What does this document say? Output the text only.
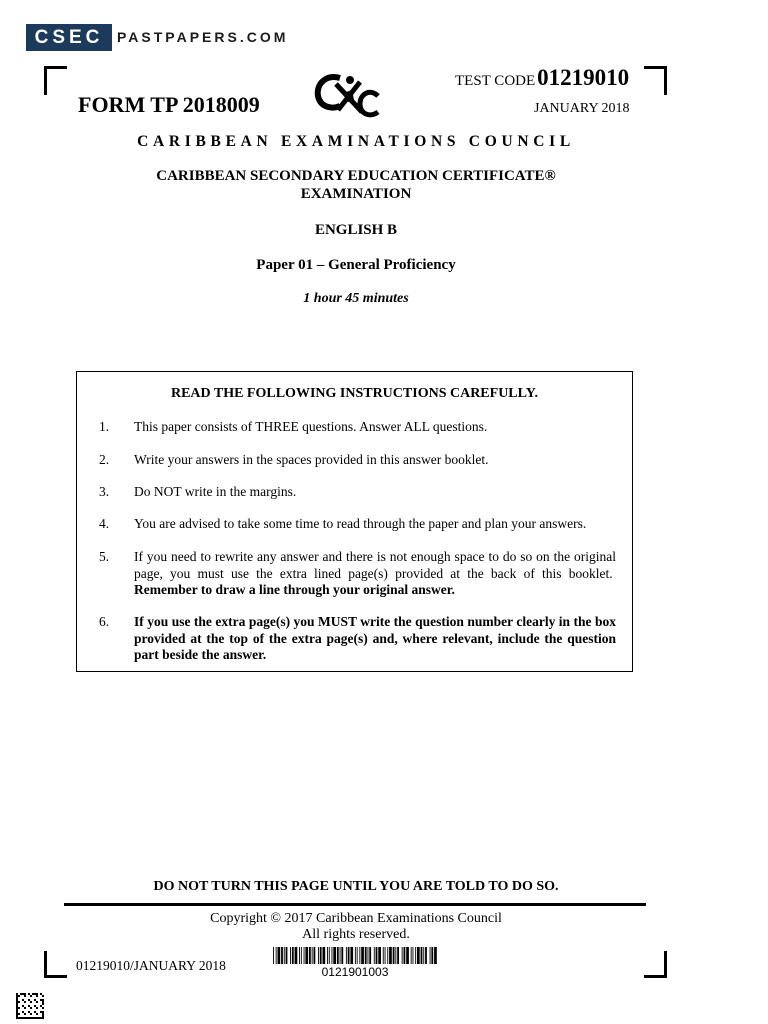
CSEC PASTPAPERS.COM
FORM TP 2018009
TEST CODE01219010
JANUARY 2018
CARIBBEAN EXAMINATIONS COUNCIL
CARIBBEAN SECONDARY EDUCATION CERTIFICATE®
EXAMINATION
ENGLISH B
Paper 01 – General Proficiency
1 hour 45 minutes
READ THE FOLLOWING INSTRUCTIONS CAREFULLY.
1. This paper consists of THREE questions. Answer ALL questions.
2. Write your answers in the spaces provided in this answer booklet.
3. Do NOT write in the margins.
4. You are advised to take some time to read through the paper and plan your answers.
5. If you need to rewrite any answer and there is not enough space to do so on the original page, you must use the extra lined page(s) provided at the back of this booklet.  Remember to draw a line through your original answer.
6. If you use the extra page(s) you MUST write the question number clearly in the box provided at the top of the extra page(s) and, where relevant, include the question part beside the answer.
DO NOT TURN THIS PAGE UNTIL YOU ARE TOLD TO DO SO.
Copyright © 2017 Caribbean Examinations Council
All rights reserved.
01219010/JANUARY 2018	0121901003
